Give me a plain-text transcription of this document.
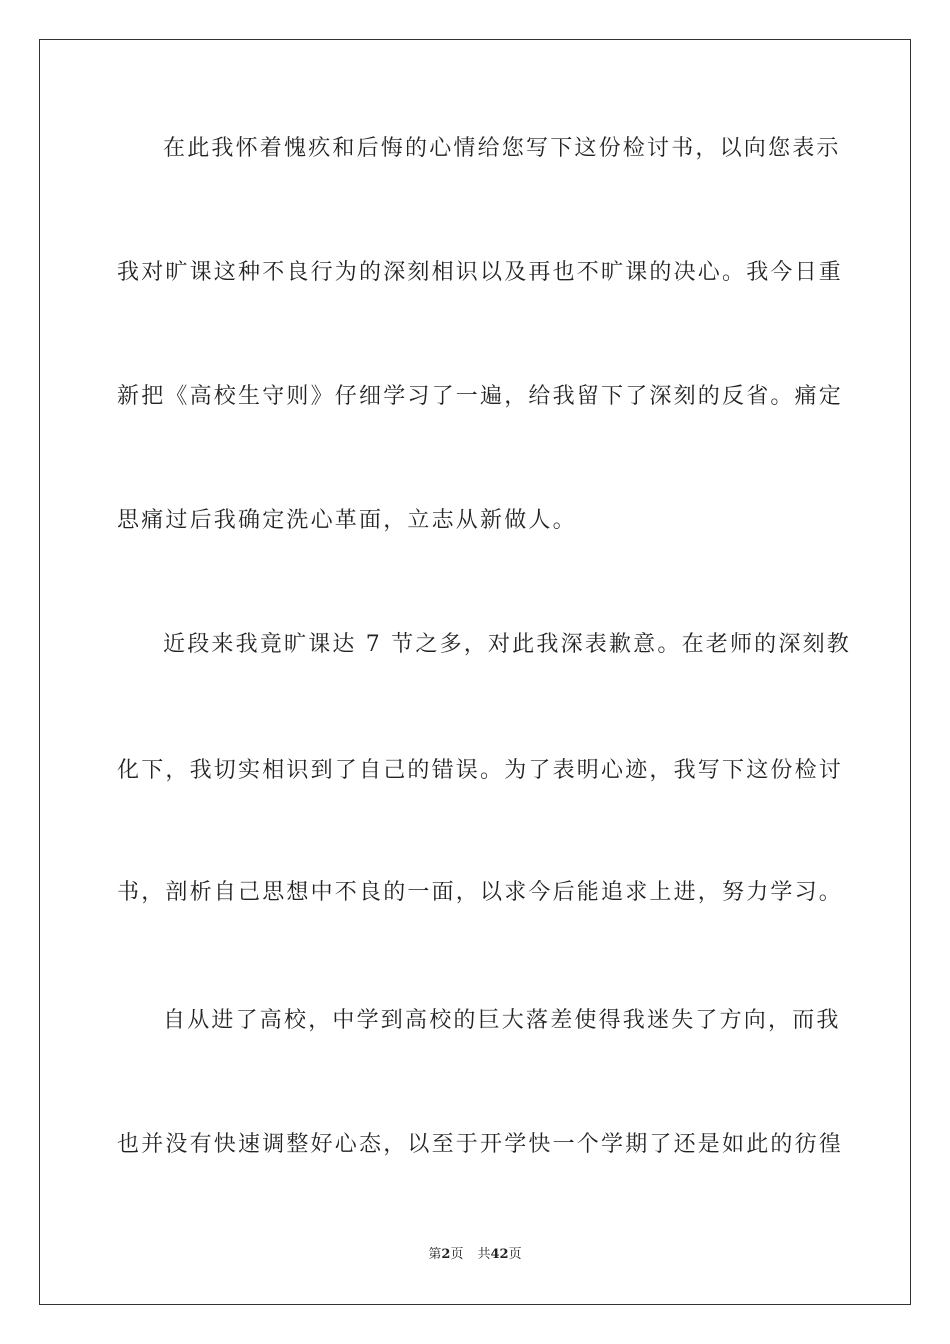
在此我怀着愧疚和后悔的心情给您写下这份检讨书，以向您表示
我对旷课这种不良行为的深刻相识以及再也不旷课的决心。我今日重
新把《高校生守则》仔细学习了一遍，给我留下了深刻的反省。痛定
思痛过后我确定洗心革面，立志从新做人。
近段来我竟旷课达 7 节之多，对此我深表歉意。在老师的深刻教
化下，我切实相识到了自己的错误。为了表明心迹，我写下这份检讨
书，剖析自己思想中不良的一面，以求今后能追求上进，努力学习。
自从进了高校，中学到高校的巨大落差使得我迷失了方向，而我
也并没有快速调整好心态，以至于开学快一个学期了还是如此的彷徨
第2页 共42页
